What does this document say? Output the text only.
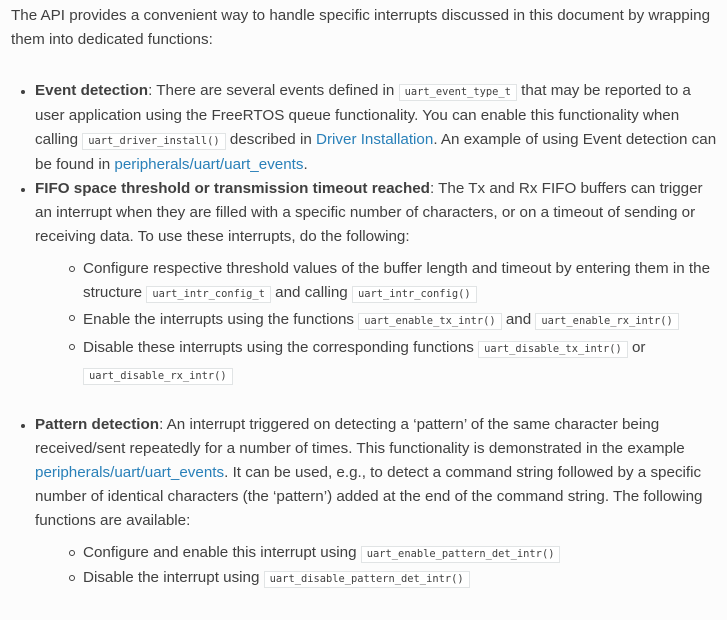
The API provides a convenient way to handle specific interrupts discussed in this document by wrapping them into dedicated functions:

Event detection: There are several events defined in uart_event_type_t that may be reported to a user application using the FreeRTOS queue functionality. You can enable this functionality when calling uart_driver_install() described in Driver Installation. An example of using Event detection can be found in peripherals/uart/uart_events.
FIFO space threshold or transmission timeout reached: The Tx and Rx FIFO buffers can trigger an interrupt when they are filled with a specific number of characters, or on a timeout of sending or receiving data. To use these interrupts, do the following:
Configure respective threshold values of the buffer length and timeout by entering them in the structure uart_intr_config_t and calling uart_intr_config()
Enable the interrupts using the functions uart_enable_tx_intr() and uart_enable_rx_intr()
Disable these interrupts using the corresponding functions uart_disable_tx_intr() or uart_disable_rx_intr()
Pattern detection: An interrupt triggered on detecting a ‘pattern’ of the same character being received/sent repeatedly for a number of times. This functionality is demonstrated in the example peripherals/uart/uart_events. It can be used, e.g., to detect a command string followed by a specific number of identical characters (the ‘pattern’) added at the end of the command string. The following functions are available:
Configure and enable this interrupt using uart_enable_pattern_det_intr()
Disable the interrupt using uart_disable_pattern_det_intr()
